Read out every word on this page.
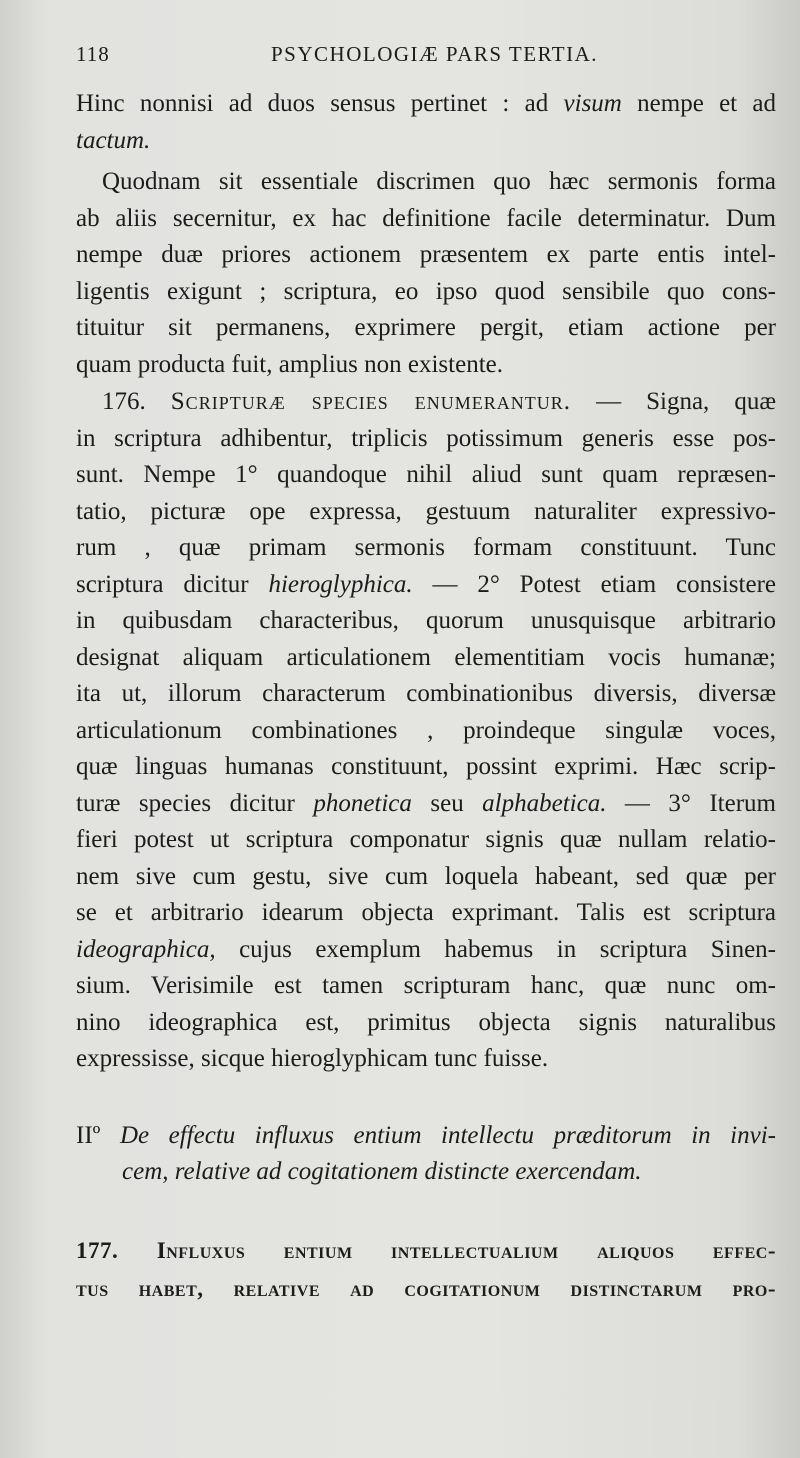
118	PSYCHOLOGIÆ PARS TERTIA.
Hinc nonnisi ad duos sensus pertinet : ad visum nempe et ad
tactum.
Quodnam sit essentiale discrimen quo hæc sermonis forma
ab aliis secernitur, ex hac definitione facile determinatur. Dum
nempe duæ priores actionem præsentem ex parte entis intel-
ligentis exigunt ; scriptura, eo ipso quod sensibile quo cons-
tituitur sit permanens, exprimere pergit, etiam actione per
quam producta fuit, amplius non existente.
176. Scripturæ species enumerantur. — Signa, quæ
in scriptura adhibentur, triplicis potissimum generis esse pos-
sunt. Nempe 1° quandoque nihil aliud sunt quam repræsen-
tatio, picturæ ope expressa, gestuum naturaliter expressivo-
rum , quæ primam sermonis formam constituunt. Tunc
scriptura dicitur hieroglyphica. — 2° Potest etiam consistere
in quibusdam characteribus, quorum unusquisque arbitrario
designat aliquam articulationem elementitiam vocis humanæ;
ita ut, illorum characterum combinationibus diversis, diversæ
articulationum combinationes , proindeque singulæ voces,
quæ linguas humanas constituunt, possint exprimi. Hæc scrip-
turæ species dicitur phonetica seu alphabetica. — 3° Iterum
fieri potest ut scriptura componatur signis quæ nullam relatio-
nem sive cum gestu, sive cum loquela habeant, sed quæ per
se et arbitrario idearum objecta exprimant. Talis est scriptura
ideographica, cujus exemplum habemus in scriptura Sinen-
sium. Verisimile est tamen scripturam hanc, quæ nunc om-
nino ideographica est, primitus objecta signis naturalibus
expressisse, sicque hieroglyphicam tunc fuisse.
IIº De effectu influxus entium intellectu præditorum in invi-
cem, relative ad cogitationem distincte exercendam.
177. Influxus entium intellectualium aliquos effec-
tus habet, relative ad cogitationum distinctarum pro-
